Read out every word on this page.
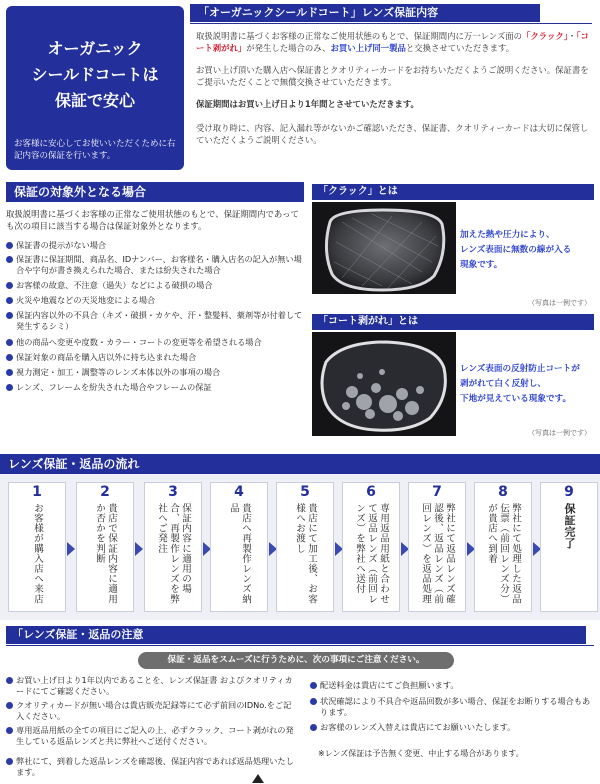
オーガニック
シールドコートは
保証で安心
お客様に安心してお使いいただくために右記内容の保証を行います。
「オーガニックシールドコート」レンズ保証内容
取扱説明書に基づくお客様の正常なご使用状態のもとで、保証期間内に万一レンズ面の「クラック」・「コート剥がれ」が発生した場合のみ、お買い上げ同一製品と交換させていただきます。
お買い上げ頂いた購入店へ保証書とクオリティーカードをお持ちいただくようご説明ください。保証書をご提示いただくことで無償交換させていただきます。
保証期間はお買い上げ日より1年間とさせていただきます。
受け取り時に、内容、記入漏れ等がないかご確認いただき、保証書、クオリティーカードは大切に保管していただくようご説明ください。
保証の対象外となる場合
取扱説明書に基づくお客様の正常なご使用状態のもとで、保証期間内であっても次の項目に該当する場合は保証対象外となります。
保証書の提示がない場合
保証書に保証期間、商品名、IDナンバー、お客様名・購入店名の記入が無い場合や字句が書き換えられた場合、または紛失された場合
お客様の故意、不注意（過失）などによる破損の場合
火災や地震などの天災地変による場合
保証内容以外の不具合（キズ・破損・カケや、汗・整髪料、薬剤等が付着して発生するシミ）
他の商品へ変更や度数・カラー・コートの変更等を希望される場合
保証対象の商品を購入店以外に持ち込まれた場合
視力測定・加工・調整等のレンズ本体以外の事項の場合
レンズ、フレームを紛失された場合やフレームの保証
「クラック」とは
加えた熱や圧力により、
レンズ表面に無数の線が入る
現象です。
（写真は一例です）
「コート剥がれ」とは
レンズ表面の反射防止コートが
剥がれて白く反射し、
下地が見えている現象です。
（写真は一例です）
レンズ保証・返品の流れ
1
お客様が購入店へ来店
2
貴店で保証内容に適用か否かを判断
3
保証内容に適用の場合、再製作レンズを弊社へご発注
4
貴店へ再製作レンズ納品
5
貴店にて加工後、お客様へお渡し
6
専用返品用紙と合わせて返品レンズ（前回レンズ）を弊社へ送付
7
弊社にて返品レンズ確認後、返品レンズ（前回レンズ）を返品処理
8
弊社にて処理した返品伝票（前回レンズ分）が貴店へ到着
9
保証完了
「レンズ保証・返品の注意
保証・返品をスムーズに行うために、次の事項にご注意ください。
お買い上げ日より1年以内であることを、レンズ保証書 およびクオリティカードにてご確認ください。
クオリティカードが無い場合は貴店販売記録等にて必ず前回のIDNo.をご記入ください。
専用返品用紙の全ての項目にご記入の上、必ずクラック、コート剥がれの発生している返品レンズと共に弊社へご送付ください。
弊社にて、到着した返品レンズを確認後、保証内容であれば返品処理いたします。
配送料金は貴店にてご負担願います。
状況確認により不具合や返品回数が多い場合、保証をお断りする場合もあります。
お客様のレンズ入替えは貴店にてお願いいたします。
※レンズ保証は予告無く変更、中止する場合があります。
